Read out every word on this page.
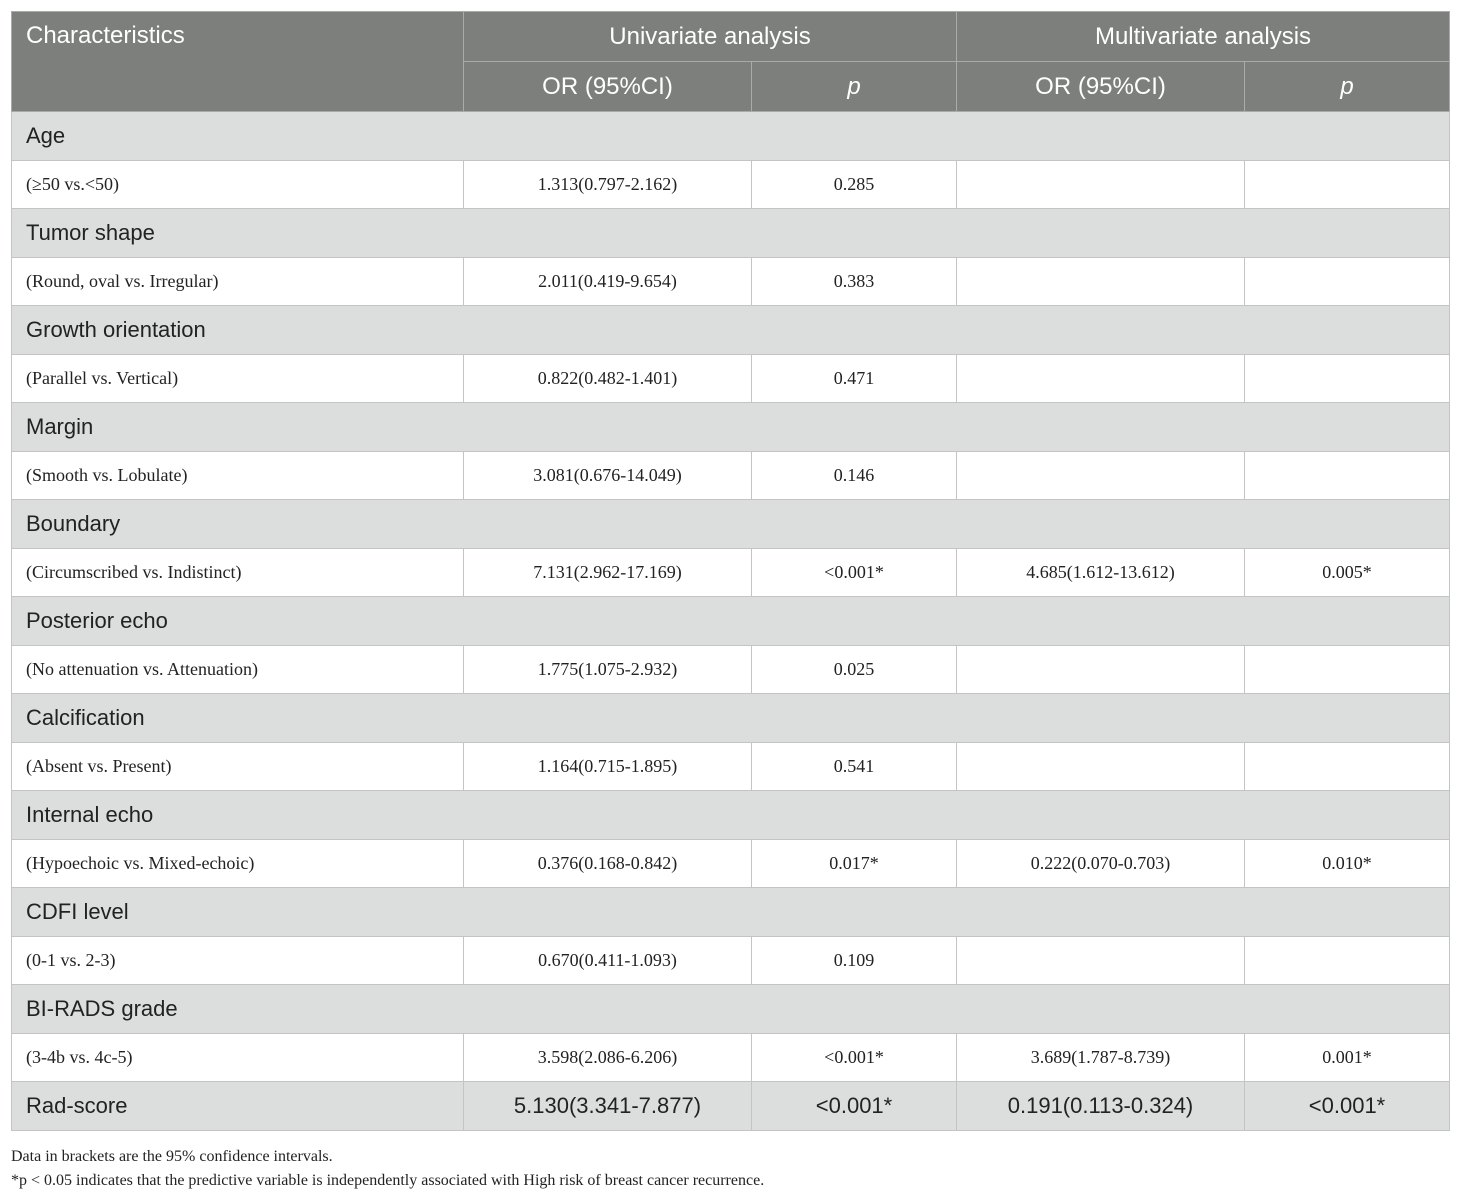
Characteristics	Univariate analysis		Multivariate analysis	
	OR (95%CI)	p	OR (95%CI)	p
Age				
(≥50 vs.<50)	1.313(0.797-2.162)	0.285		
Tumor shape				
(Round, oval vs. Irregular)	2.011(0.419-9.654)	0.383		
Growth orientation				
(Parallel vs. Vertical)	0.822(0.482-1.401)	0.471		
Margin				
(Smooth vs. Lobulate)	3.081(0.676-14.049)	0.146		
Boundary				
(Circumscribed vs. Indistinct)	7.131(2.962-17.169)	<0.001*	4.685(1.612-13.612)	0.005*
Posterior echo				
(No attenuation vs. Attenuation)	1.775(1.075-2.932)	0.025		
Calcification				
(Absent vs. Present)	1.164(0.715-1.895)	0.541		
Internal echo				
(Hypoechoic vs. Mixed-echoic)	0.376(0.168-0.842)	0.017*	0.222(0.070-0.703)	0.010*
CDFI level				
(0-1 vs. 2-3)	0.670(0.411-1.093)	0.109		
BI-RADS grade				
(3-4b vs. 4c-5)	3.598(2.086-6.206)	<0.001*	3.689(1.787-8.739)	0.001*
Rad-score	5.130(3.341-7.877)	<0.001*	0.191(0.113-0.324)	<0.001*
Data in brackets are the 95% confidence intervals.
*p < 0.05 indicates that the predictive variable is independently associated with High risk of breast cancer recurrence.
